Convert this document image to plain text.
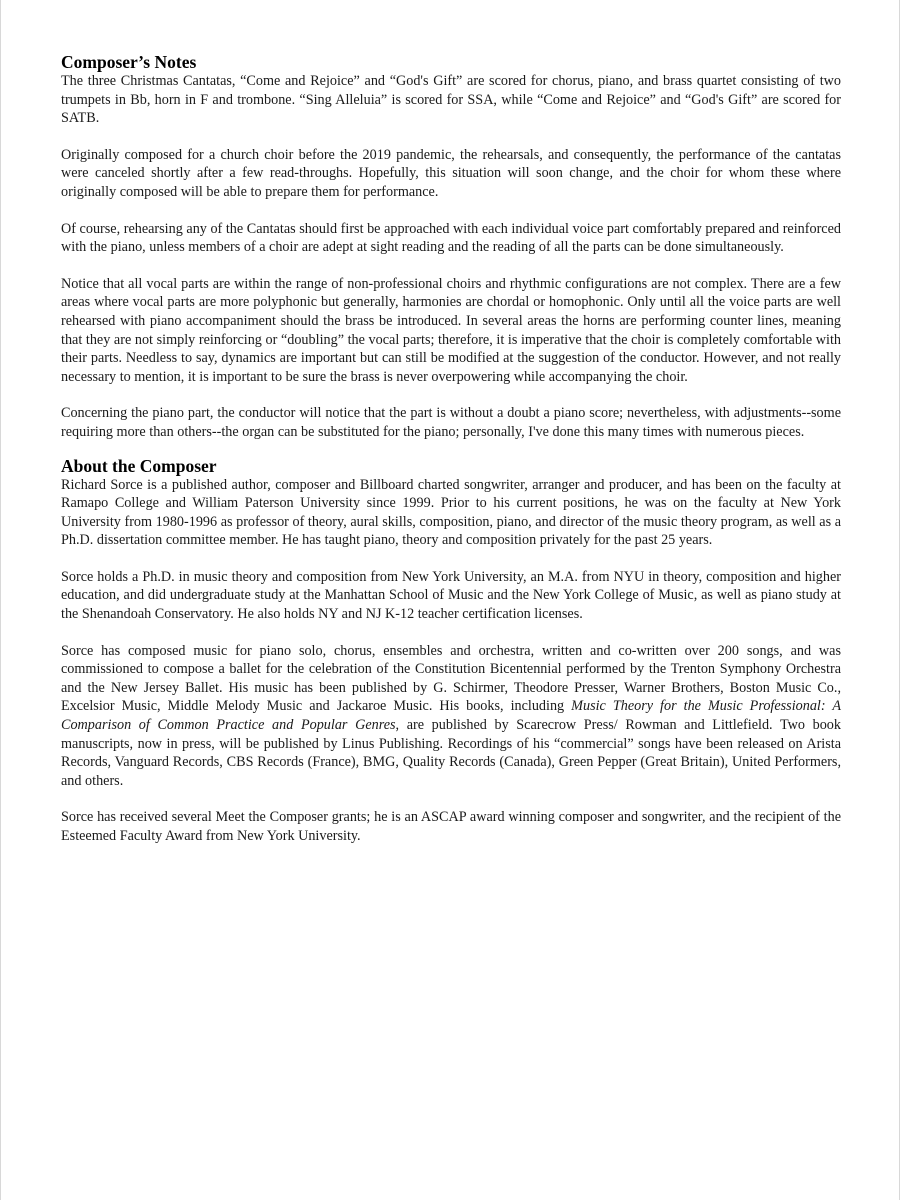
Composer’s Notes

The three Christmas Cantatas, “Come and Rejoice” and “God's Gift” are scored for chorus, piano, and brass quartet consisting of two trumpets in Bb, horn in F and trombone. “Sing Alleluia” is scored for SSA, while “Come and Rejoice” and “God's Gift” are scored for SATB.

Originally composed for a church choir before the 2019 pandemic, the rehearsals, and consequently, the performance of the cantatas were canceled shortly after a few read-throughs. Hopefully, this situation will soon change, and the choir for whom these where originally composed will be able to prepare them for performance.

Of course, rehearsing any of the Cantatas should first be approached with each individual voice part comfortably prepared and reinforced with the piano, unless members of a choir are adept at sight reading and the reading of all the parts can be done simultaneously.

Notice that all vocal parts are within the range of non-professional choirs and rhythmic configurations are not complex. There are a few areas where vocal parts are more polyphonic but generally, harmonies are chordal or homophonic. Only until all the voice parts are well rehearsed with piano accompaniment should the brass be introduced. In several areas the horns are performing counter lines, meaning that they are not simply reinforcing or “doubling” the vocal parts; therefore, it is imperative that the choir is completely comfortable with their parts. Needless to say, dynamics are important but can still be modified at the suggestion of the conductor. However, and not really necessary to mention, it is important to be sure the brass is never overpowering while accompanying the choir.

Concerning the piano part, the conductor will notice that the part is without a doubt a piano score; nevertheless, with adjustments--some requiring more than others--the organ can be substituted for the piano; personally, I've done this many times with numerous pieces.

About the Composer

Richard Sorce is a published author, composer and Billboard charted songwriter, arranger and producer, and has been on the faculty at Ramapo College and William Paterson University since 1999. Prior to his current positions, he was on the faculty at New York University from 1980-1996 as professor of theory, aural skills, composition, piano, and director of the music theory program, as well as a Ph.D. dissertation committee member. He has taught piano, theory and composition privately for the past 25 years.

Sorce holds a Ph.D. in music theory and composition from New York University, an M.A. from NYU in theory, composition and higher education, and did undergraduate study at the Manhattan School of Music and the New York College of Music, as well as piano study at the Shenandoah Conservatory. He also holds NY and NJ K-12 teacher certification licenses.

Sorce has composed music for piano solo, chorus, ensembles and orchestra, written and co-written over 200 songs, and was commissioned to compose a ballet for the celebration of the Constitution Bicentennial performed by the Trenton Symphony Orchestra and the New Jersey Ballet. His music has been published by G. Schirmer, Theodore Presser, Warner Brothers, Boston Music Co., Excelsior Music, Middle Melody Music and Jackaroe Music. His books, including Music Theory for the Music Professional: A Comparison of Common Practice and Popular Genres, are published by Scarecrow Press/ Rowman and Littlefield. Two book manuscripts, now in press, will be published by Linus Publishing. Recordings of his “commercial” songs have been released on Arista Records, Vanguard Records, CBS Records (France), BMG, Quality Records (Canada), Green Pepper (Great Britain), United Performers, and others.

Sorce has received several Meet the Composer grants; he is an ASCAP award winning composer and songwriter, and the recipient of the Esteemed Faculty Award from New York University.
